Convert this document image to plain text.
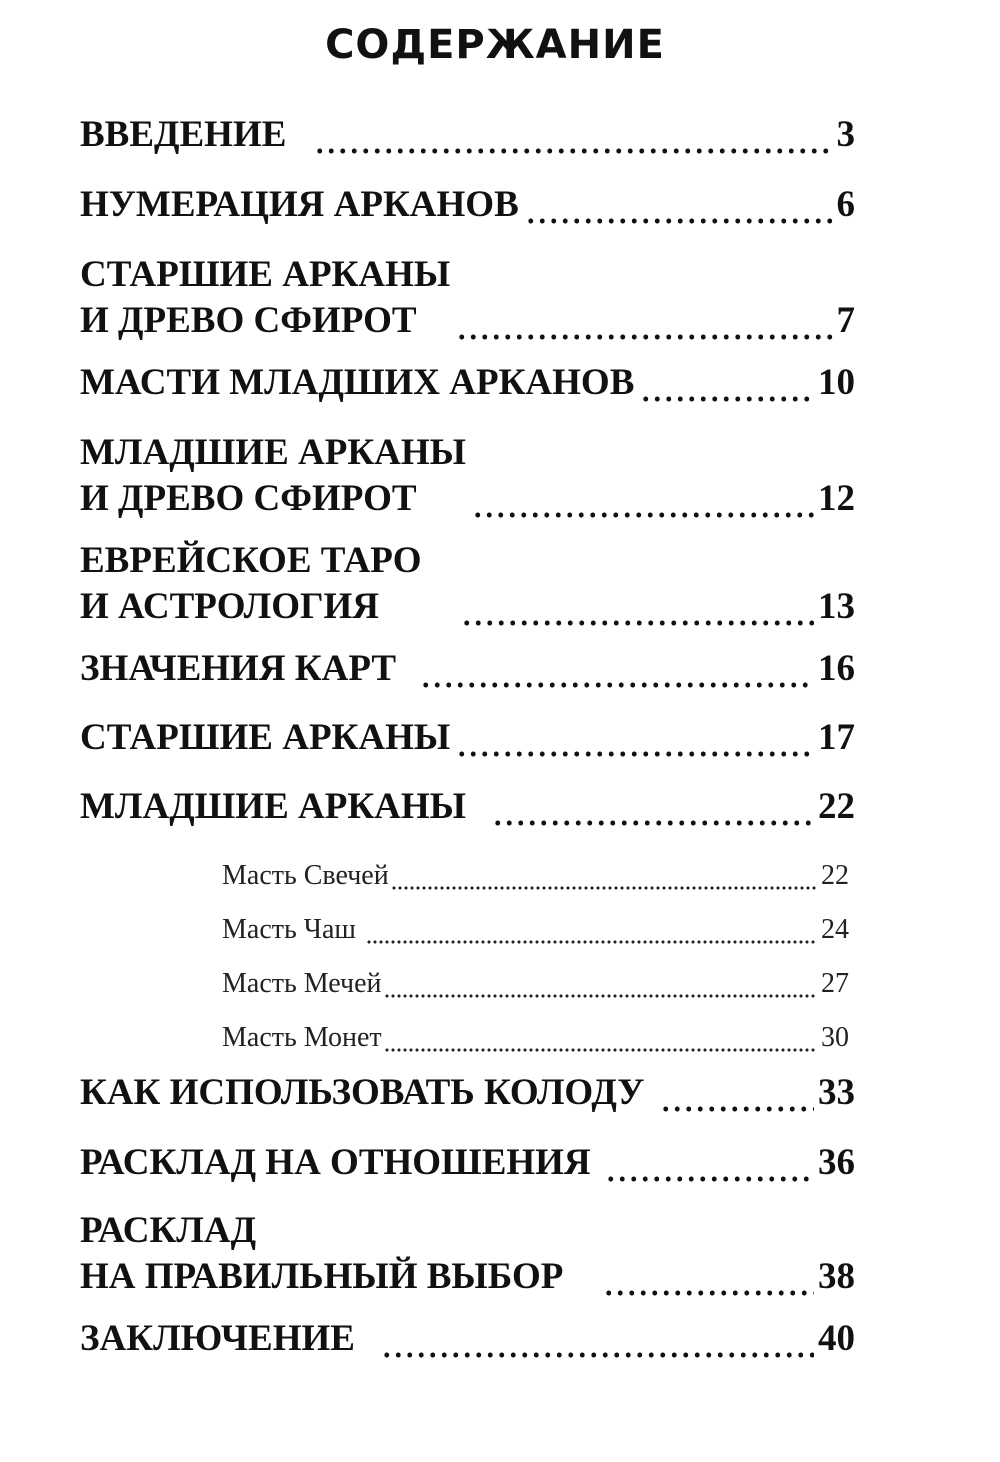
СОДЕРЖАНИЕ
ВВЕДЕНИЕ	3
НУМЕРАЦИЯ АРКАНОВ	6
СТАРШИЕ АРКАНЫ
И ДРЕВО СФИРОТ	7
МАСТИ МЛАДШИХ АРКАНОВ	10
МЛАДШИЕ АРКАНЫ
И ДРЕВО СФИРОТ	12
ЕВРЕЙСКОЕ ТАРО
И АСТРОЛОГИЯ	13
ЗНАЧЕНИЯ КАРТ	16
СТАРШИЕ АРКАНЫ	17
МЛАДШИЕ АРКАНЫ	22
Масть Свечей	22
Масть Чаш	24
Масть Мечей	27
Масть Монет	30
КАК ИСПОЛЬЗОВАТЬ КОЛОДУ	33
РАСКЛАД НА ОТНОШЕНИЯ	36
РАСКЛАД
НА ПРАВИЛЬНЫЙ ВЫБОР	38
ЗАКЛЮЧЕНИЕ	40
